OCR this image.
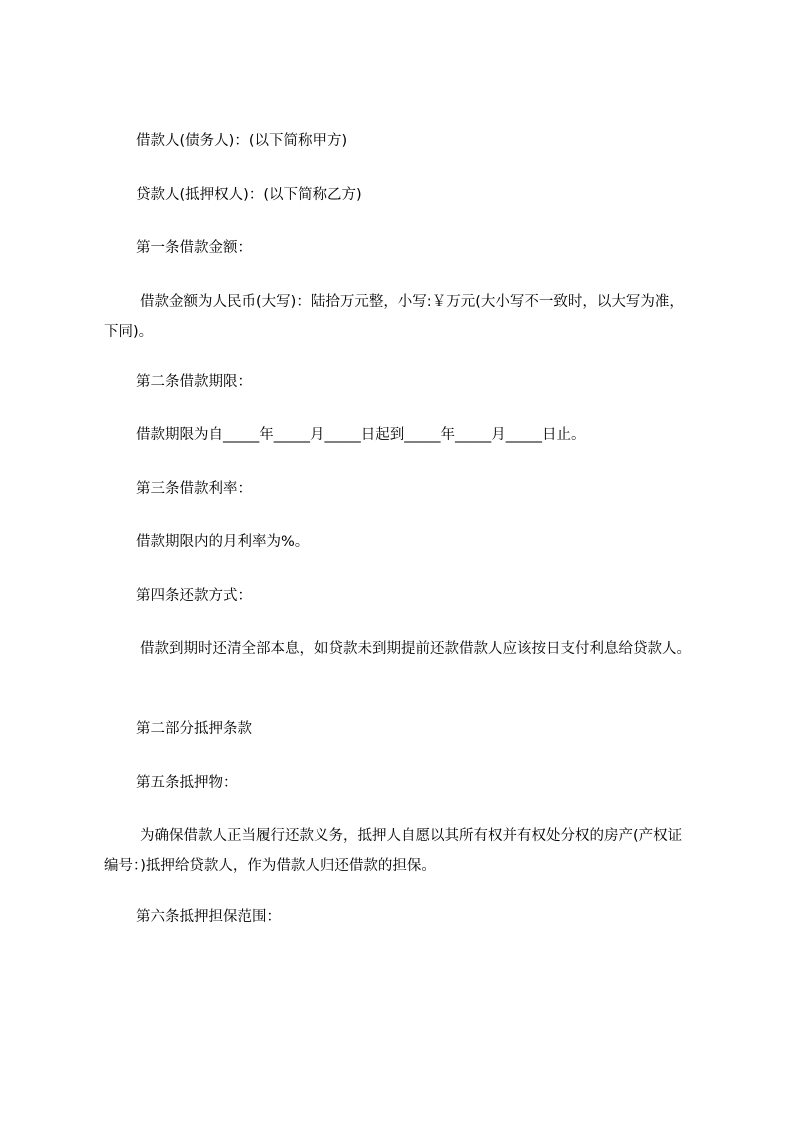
借款人(债务人)：(以下简称甲方)
贷款人(抵押权人)：(以下简称乙方)
第一条借款金额：
借款金额为人民币(大写)：陆拾万元整，小写:￥万元(大小写不一致时，以大写为准，下同)。
第二条借款期限：
借款期限为自_____年_____月_____日起到_____年_____月_____日止。
第三条借款利率：
借款期限内的月利率为%。
第四条还款方式：
借款到期时还清全部本息，如贷款未到期提前还款借款人应该按日支付利息给贷款人。
第二部分抵押条款
第五条抵押物：
为确保借款人正当履行还款义务，抵押人自愿以其所有权并有权处分权的房产(产权证编号：)抵押给贷款人，作为借款人归还借款的担保。
第六条抵押担保范围：
